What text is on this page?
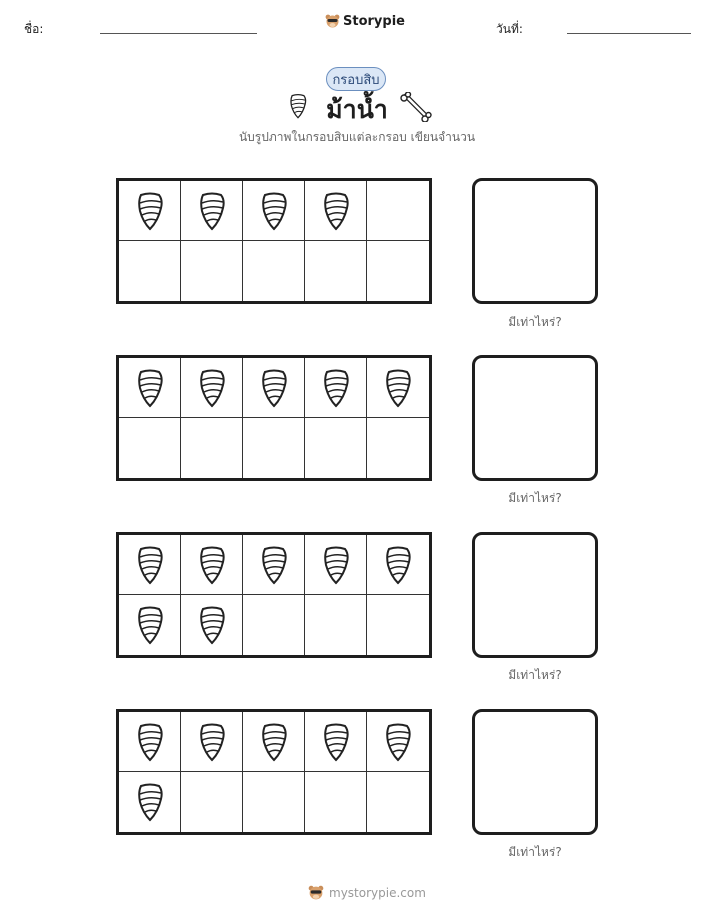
ชื่อ:
Storypie
วันที่:
กรอบสิบ
ม้าน้ำ
นับรูปภาพในกรอบสิบแต่ละกรอบ เขียนจำนวน
มีเท่าไหร่?
มีเท่าไหร่?
มีเท่าไหร่?
มีเท่าไหร่?
mystorypie.com
